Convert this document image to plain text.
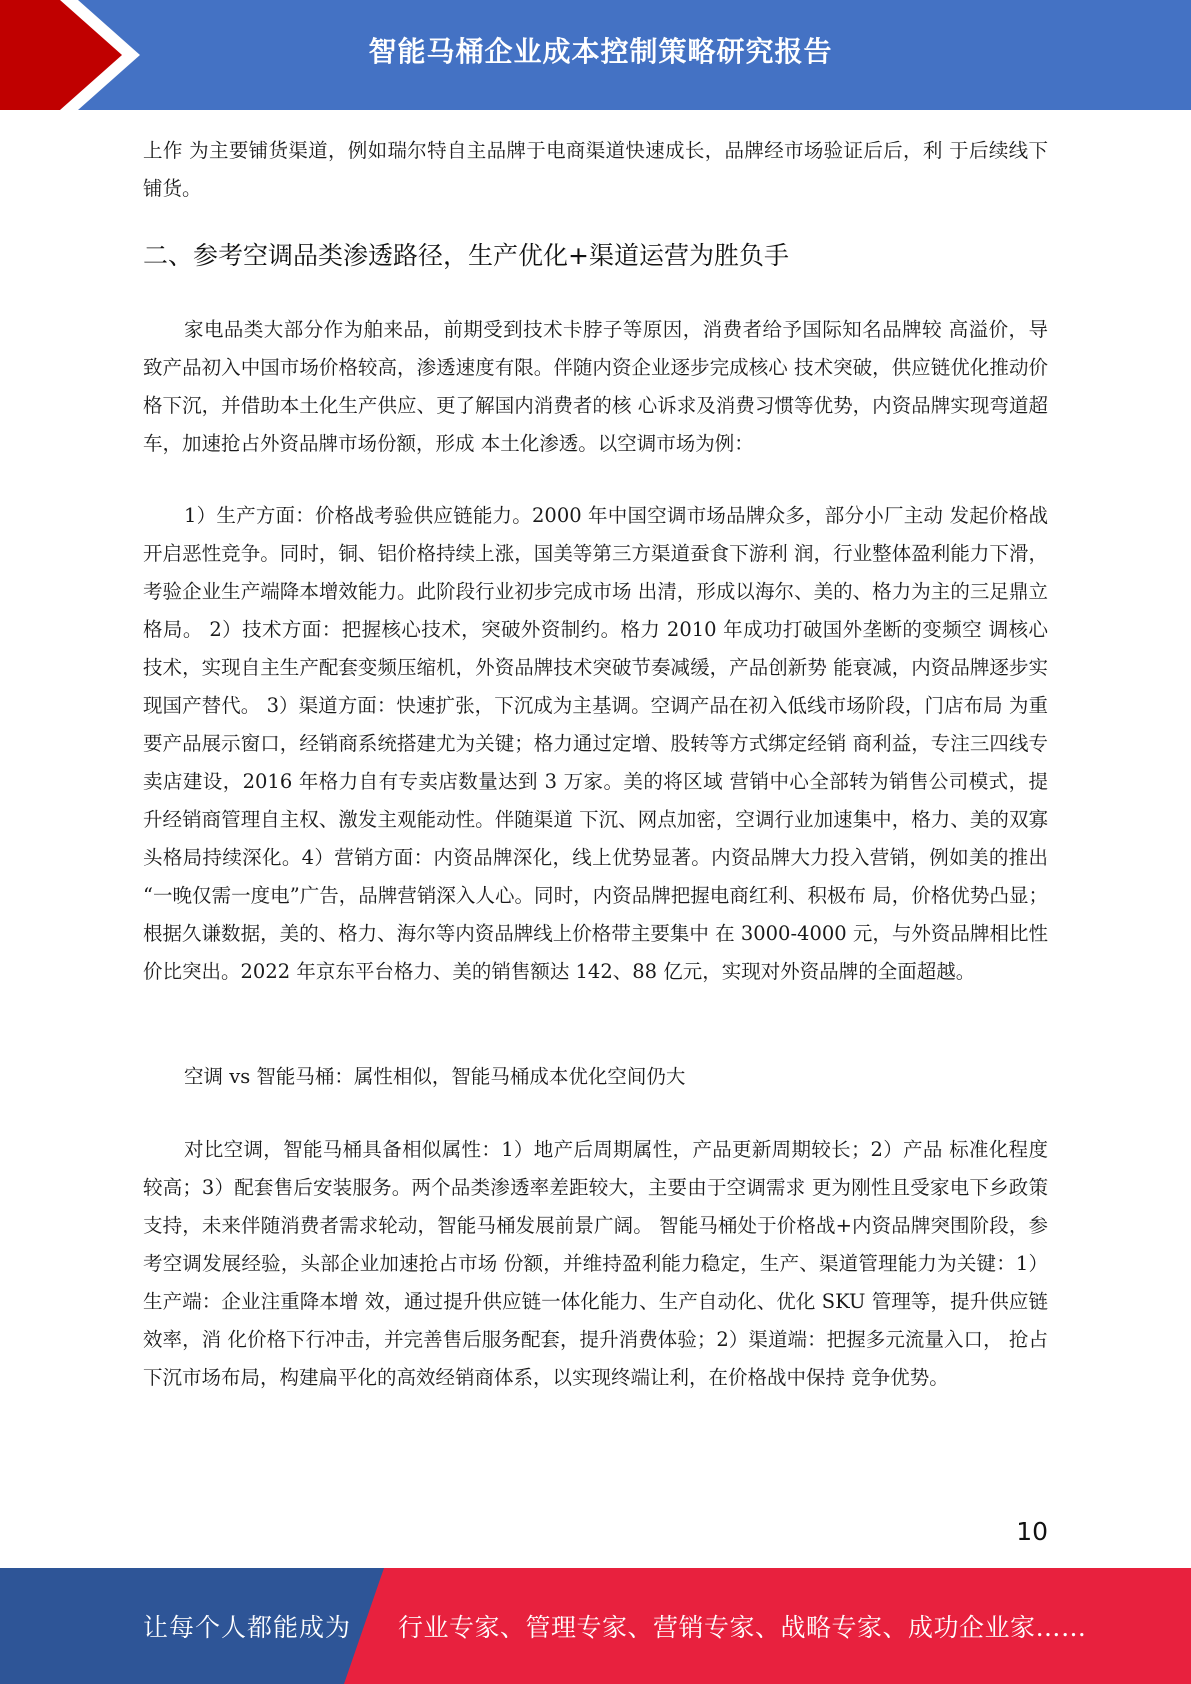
智能马桶企业成本控制策略研究报告

上作 为主要铺货渠道，例如瑞尔特自主品牌于电商渠道快速成长，品牌经市场验证后后，利 于后续线下铺货。

二、参考空调品类渗透路径，生产优化+渠道运营为胜负手

家电品类大部分作为舶来品，前期受到技术卡脖子等原因，消费者给予国际知名品牌较 高溢价，导致产品初入中国市场价格较高，渗透速度有限。伴随内资企业逐步完成核心 技术突破，供应链优化推动价格下沉，并借助本土化生产供应、更了解国内消费者的核 心诉求及消费习惯等优势，内资品牌实现弯道超车，加速抢占外资品牌市场份额，形成 本土化渗透。以空调市场为例：

1）生产方面：价格战考验供应链能力。2000 年中国空调市场品牌众多，部分小厂主动 发起价格战开启恶性竞争。同时，铜、铝价格持续上涨，国美等第三方渠道蚕食下游利 润，行业整体盈利能力下滑，考验企业生产端降本增效能力。此阶段行业初步完成市场 出清，形成以海尔、美的、格力为主的三足鼎立格局。 2）技术方面：把握核心技术，突破外资制约。格力 2010 年成功打破国外垄断的变频空 调核心技术，实现自主生产配套变频压缩机，外资品牌技术突破节奏减缓，产品创新势 能衰减，内资品牌逐步实现国产替代。 3）渠道方面：快速扩张，下沉成为主基调。空调产品在初入低线市场阶段，门店布局 为重要产品展示窗口，经销商系统搭建尤为关键；格力通过定增、股转等方式绑定经销 商利益，专注三四线专卖店建设，2016 年格力自有专卖店数量达到 3 万家。美的将区域 营销中心全部转为销售公司模式，提升经销商管理自主权、激发主观能动性。伴随渠道 下沉、网点加密，空调行业加速集中，格力、美的双寡头格局持续深化。4）营销方面：内资品牌深化，线上优势显著。内资品牌大力投入营销，例如美的推出 “一晚仅需一度电”广告，品牌营销深入人心。同时，内资品牌把握电商红利、积极布 局，价格优势凸显；根据久谦数据，美的、格力、海尔等内资品牌线上价格带主要集中 在 3000-4000 元，与外资品牌相比性价比突出。2022 年京东平台格力、美的销售额达 142、88 亿元，实现对外资品牌的全面超越。

空调 vs 智能马桶：属性相似，智能马桶成本优化空间仍大

对比空调，智能马桶具备相似属性：1）地产后周期属性，产品更新周期较长；2）产品 标准化程度较高；3）配套售后安装服务。两个品类渗透率差距较大，主要由于空调需求 更为刚性且受家电下乡政策支持，未来伴随消费者需求轮动，智能马桶发展前景广阔。 智能马桶处于价格战+内资品牌突围阶段，参考空调发展经验，头部企业加速抢占市场 份额，并维持盈利能力稳定，生产、渠道管理能力为关键：1）生产端：企业注重降本增 效，通过提升供应链一体化能力、生产自动化、优化 SKU 管理等，提升供应链效率，消 化价格下行冲击，并完善售后服务配套，提升消费体验；2）渠道端：把握多元流量入口， 抢占下沉市场布局，构建扁平化的高效经销商体系，以实现终端让利，在价格战中保持 竞争优势。

10
让每个人都能成为 行业专家、管理专家、营销专家、战略专家、成功企业家……
